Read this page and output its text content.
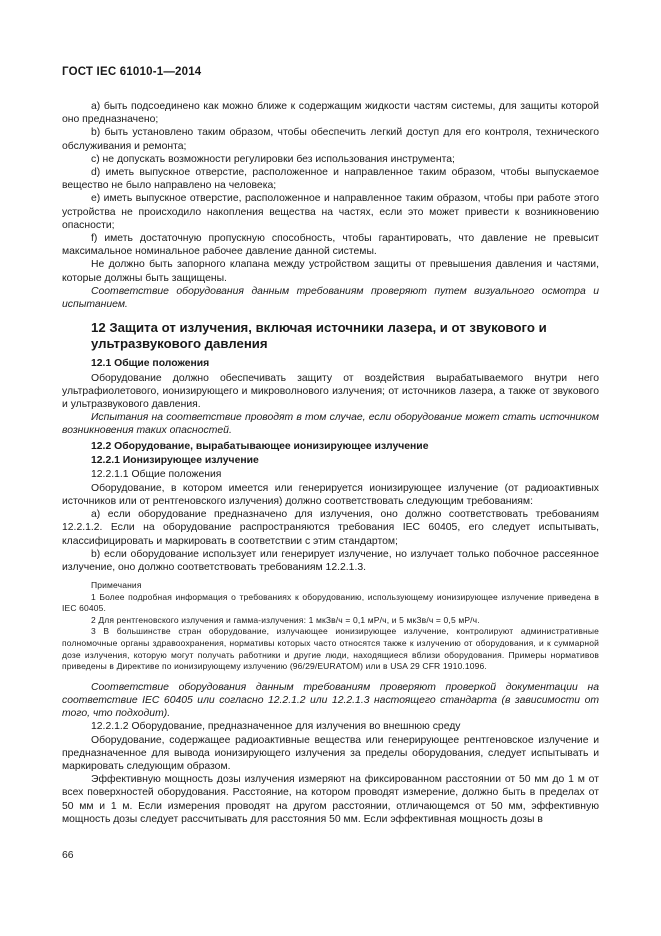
ГОСТ IEC 61010-1—2014

a) быть подсоединено как можно ближе к содержащим жидкости частям системы, для защиты которой оно предназначено;

b) быть установлено таким образом, чтобы обеспечить легкий доступ для его контроля, технического обслуживания и ремонта;

c) не допускать возможности регулировки без использования инструмента;

d) иметь выпускное отверстие, расположенное и направленное таким образом, чтобы выпускаемое вещество не было направлено на человека;

e) иметь выпускное отверстие, расположенное и направленное таким образом, чтобы при работе этого устройства не происходило накопления вещества на частях, если это может привести к возникновению опасности;

f) иметь достаточную пропускную способность, чтобы гарантировать, что давление не превысит максимальное номинальное рабочее давление данной системы.

Не должно быть запорного клапана между устройством защиты от превышения давления и частями, которые должны быть защищены.

Соответствие оборудования данным требованиям проверяют путем визуального осмотра и испытанием.

12 Защита от излучения, включая источники лазера, и от звукового и ультразвукового давления
12.1 Общие положения

Оборудование должно обеспечивать защиту от воздействия вырабатываемого внутри него ультрафиолетового, ионизирующего и микроволнового излучения; от источников лазера, а также от звукового и ультразвукового давления.

Испытания на соответствие проводят в том случае, если оборудование может стать источником возникновения таких опасностей.

12.2 Оборудование, вырабатывающее ионизирующее излучение
12.2.1 Ионизирующее излучение

12.2.1.1 Общие положения

Оборудование, в котором имеется или генерируется ионизирующее излучение (от радиоактивных источников или от рентгеновского излучения) должно соответствовать следующим требованиям:

a) если оборудование предназначено для излучения, оно должно соответствовать требованиям 12.2.1.2. Если на оборудование распространяются требования IEC 60405, его следует испытывать, классифицировать и маркировать в соответствии с этим стандартом;

b) если оборудование использует или генерирует излучение, но излучает только побочное рассеянное излучение, оно должно соответствовать требованиям 12.2.1.3.

Примечания

1 Более подробная информация о требованиях к оборудованию, использующему ионизирующее излучение приведена в IEC 60405.

2 Для рентгеновского излучения и гамма-излучения: 1 мкЗв/ч = 0,1 мР/ч, и 5 мкЗв/ч = 0,5 мР/ч.

3 В большинстве стран оборудование, излучающее ионизирующее излучение, контролируют административные полномочные органы здравоохранения, нормативы которых часто относятся также к излучению от оборудования, и к суммарной дозе излучения, которую могут получать работники и другие люди, находящиеся вблизи оборудования. Примеры нормативов приведены в Директиве по ионизирующему излучению (96/29/EURATOM) или в USA 29 CFR 1910.1096.

Соответствие оборудования данным требованиям проверяют проверкой документации на соответствие IEC 60405 или согласно 12.2.1.2 или 12.2.1.3 настоящего стандарта (в зависимости от того, что подходит).

12.2.1.2 Оборудование, предназначенное для излучения во внешнюю среду

Оборудование, содержащее радиоактивные вещества или генерирующее рентгеновское излучение и предназначенное для вывода ионизирующего излучения за пределы оборудования, следует испытывать и маркировать следующим образом.

Эффективную мощность дозы излучения измеряют на фиксированном расстоянии от 50 мм до 1 м от всех поверхностей оборудования. Расстояние, на котором проводят измерение, должно быть в пределах от 50 мм и 1 м. Если измерения проводят на другом расстоянии, отличающемся от 50 мм, эффективную мощность дозы следует рассчитывать для расстояния 50 мм. Если эффективная мощность дозы в

66
